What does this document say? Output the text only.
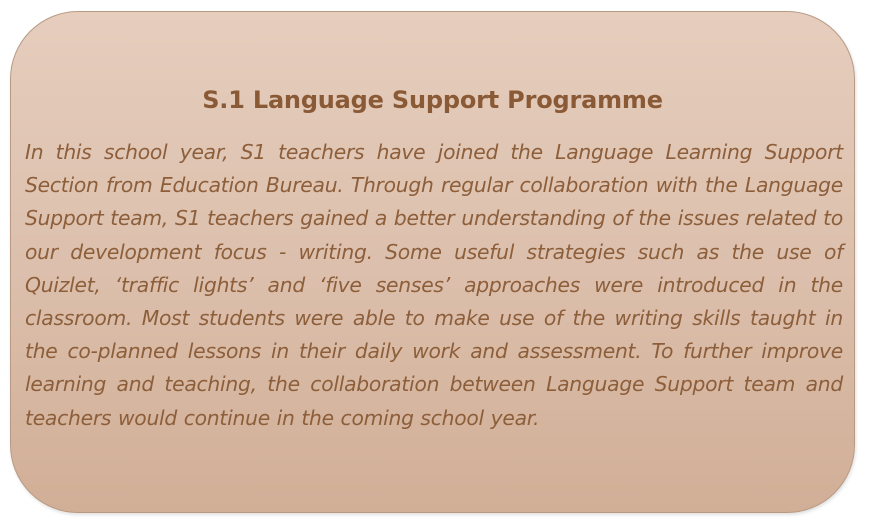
S.1 Language Support Programme

In this school year, S1 teachers have joined the Language Learning Support Section from Education Bureau. Through regular collaboration with the Language Support team, S1 teachers gained a better understanding of the issues related to our development focus - writing. Some useful strategies such as the use of Quizlet, ‘traffic lights’ and ‘five senses’ approaches were introduced in the classroom. Most students were able to make use of the writing skills taught in the co-planned lessons in their daily work and assessment. To further improve learning and teaching, the collaboration between Language Support team and teachers would continue in the coming school year.
